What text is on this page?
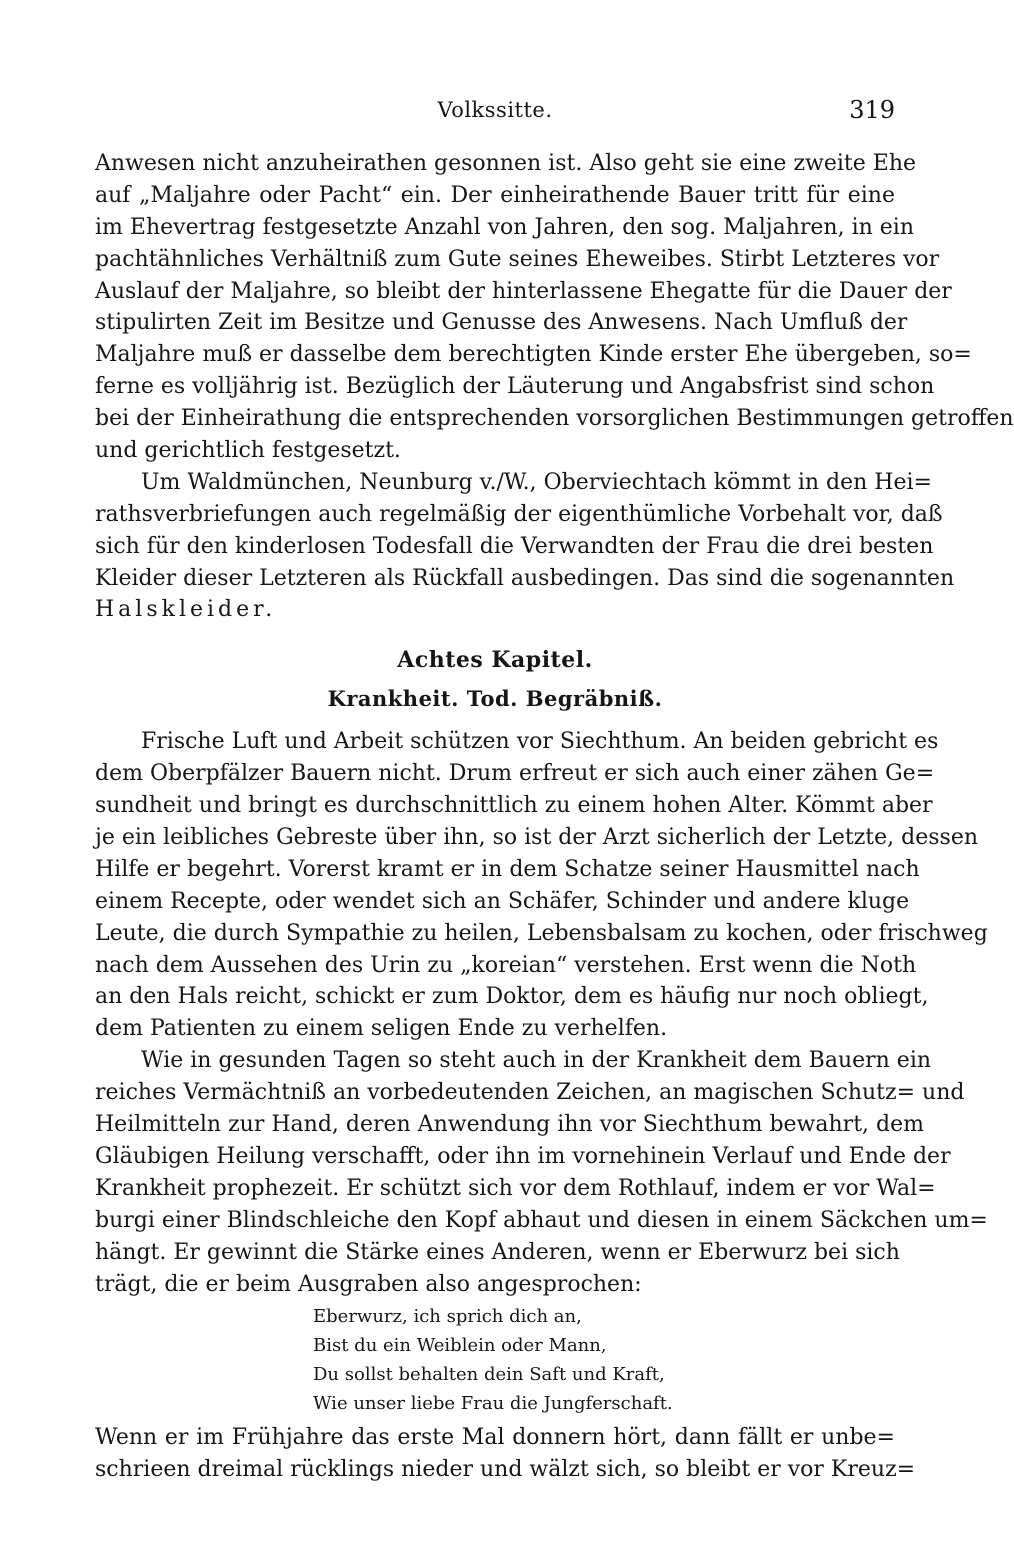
Volkssitte.	319
Anwesen nicht anzuheirathen gesonnen ist. Also geht sie eine zweite Ehe
auf „Maljahre oder Pacht“ ein. Der einheirathende Bauer tritt für eine
im Ehevertrag festgesetzte Anzahl von Jahren, den sog. Maljahren, in ein
pachtähnliches Verhältniß zum Gute seines Eheweibes. Stirbt Letzteres vor
Auslauf der Maljahre, so bleibt der hinterlassene Ehegatte für die Dauer der
stipulirten Zeit im Besitze und Genusse des Anwesens. Nach Umfluß der
Maljahre muß er dasselbe dem berechtigten Kinde erster Ehe übergeben, so=
ferne es volljährig ist. Bezüglich der Läuterung und Angabsfrist sind schon
bei der Einheirathung die entsprechenden vorsorglichen Bestimmungen getroffen
und gerichtlich festgesetzt.
Um Waldmünchen, Neunburg v./W., Oberviechtach kömmt in den Hei=
rathsverbriefungen auch regelmäßig der eigenthümliche Vorbehalt vor, daß
sich für den kinderlosen Todesfall die Verwandten der Frau die drei besten
Kleider dieser Letzteren als Rückfall ausbedingen. Das sind die sogenannten
Halskleider.
Achtes Kapitel.
Krankheit. Tod. Begräbniß.
Frische Luft und Arbeit schützen vor Siechthum. An beiden gebricht es
dem Oberpfälzer Bauern nicht. Drum erfreut er sich auch einer zähen Ge=
sundheit und bringt es durchschnittlich zu einem hohen Alter. Kömmt aber
je ein leibliches Gebreste über ihn, so ist der Arzt sicherlich der Letzte, dessen
Hilfe er begehrt. Vorerst kramt er in dem Schatze seiner Hausmittel nach
einem Recepte, oder wendet sich an Schäfer, Schinder und andere kluge
Leute, die durch Sympathie zu heilen, Lebensbalsam zu kochen, oder frischweg
nach dem Aussehen des Urin zu „koreian“ verstehen. Erst wenn die Noth
an den Hals reicht, schickt er zum Doktor, dem es häufig nur noch obliegt,
dem Patienten zu einem seligen Ende zu verhelfen.
Wie in gesunden Tagen so steht auch in der Krankheit dem Bauern ein
reiches Vermächtniß an vorbedeutenden Zeichen, an magischen Schutz= und
Heilmitteln zur Hand, deren Anwendung ihn vor Siechthum bewahrt, dem
Gläubigen Heilung verschafft, oder ihn im vornehinein Verlauf und Ende der
Krankheit prophezeit. Er schützt sich vor dem Rothlauf, indem er vor Wal=
burgi einer Blindschleiche den Kopf abhaut und diesen in einem Säckchen um=
hängt. Er gewinnt die Stärke eines Anderen, wenn er Eberwurz bei sich
trägt, die er beim Ausgraben also angesprochen:
Eberwurz, ich sprich dich an,
Bist du ein Weiblein oder Mann,
Du sollst behalten dein Saft und Kraft,
Wie unser liebe Frau die Jungferschaft.
Wenn er im Frühjahre das erste Mal donnern hört, dann fällt er unbe=
schrieen dreimal rücklings nieder und wälzt sich, so bleibt er vor Kreuz=
